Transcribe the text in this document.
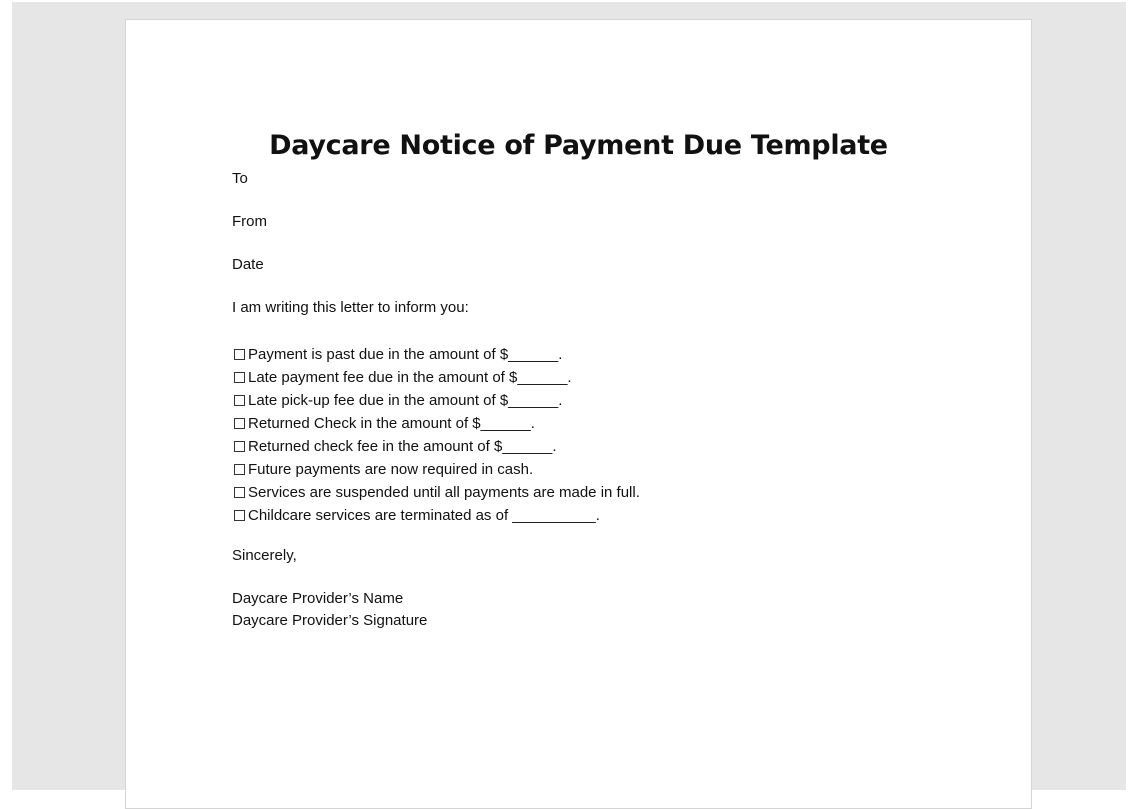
Daycare Notice of Payment Due Template

To

From

Date

I am writing this letter to inform you:

Payment is past due in the amount of $______.
Late payment fee due in the amount of $______.
Late pick-up fee due in the amount of $______.
Returned Check in the amount of $______.
Returned check fee in the amount of $______.
Future payments are now required in cash.
Services are suspended until all payments are made in full.
Childcare services are terminated as of __________.

Sincerely,

Daycare Provider’s Name

Daycare Provider’s Signature
